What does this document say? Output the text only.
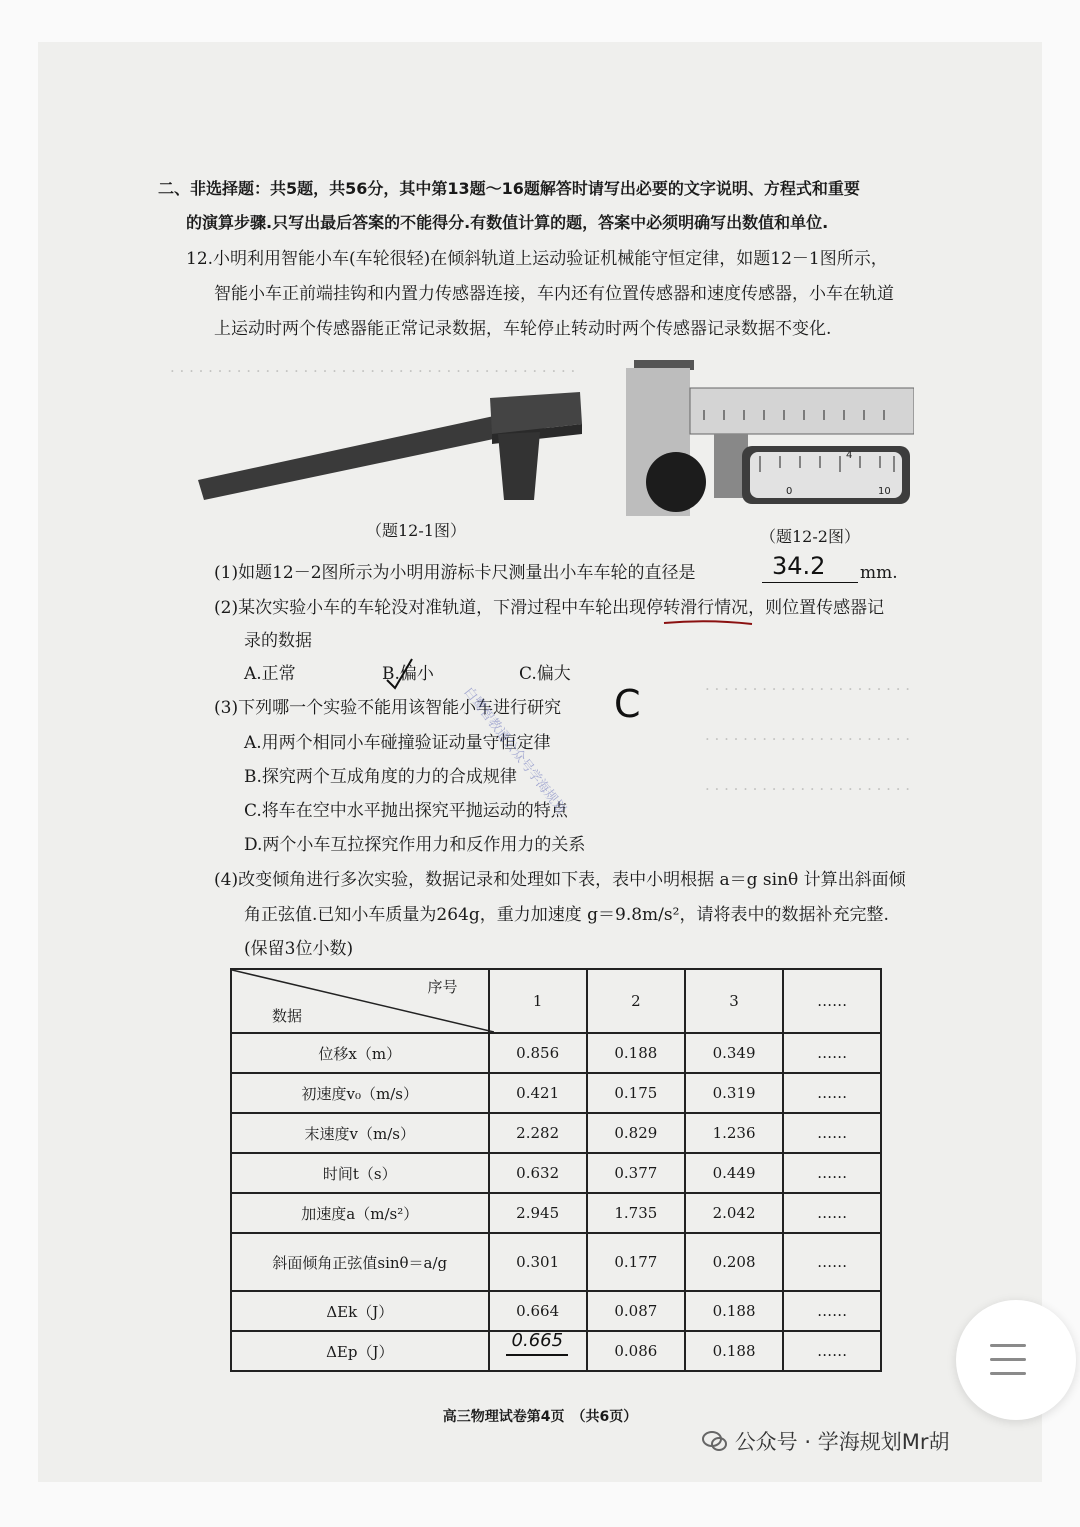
· · · · · · · · · · · · · · · · · · · · · · · · · · · · · · · · · · · · · · · · · · ·
· · · · · · · · · · · · · · · · · · · · · ·
· · · · · · · · · · · · · · · · · · · · · ·
· · · · · · · · · · · · · · · · · · · · · ·
二、非选择题：共5题，共56分，其中第13题～16题解答时请写出必要的文字说明、方程式和重要
的演算步骤.只写出最后答案的不能得分.有数值计算的题，答案中必须明确写出数值和单位.
12.小明利用智能小车(车轮很轻)在倾斜轨道上运动验证机械能守恒定律，如题12－1图所示，
智能小车正前端挂钩和内置力传感器连接，车内还有位置传感器和速度传感器，小车在轨道
上运动时两个传感器能正常记录数据，车轮停止转动时两个传感器记录数据不变化.
（题12-1图）
4
0	10
（题12-2图）
(1)如题12－2图所示为小明用游标卡尺测量出小车车轮的直径是	34.2 mm.
(2)某次实验小车的车轮没对准轨道，下滑过程中车轮出现停转滑行情况，则位置传感器记
录的数据
A.正常	B.偏小	C.偏大
(3)下列哪一个实验不能用该智能小车进行研究 C
A.用两个相同小车碰撞验证动量守恒定律
B.探究两个互成角度的力的合成规律
C.将车在空中水平抛出探究平抛运动的特点
D.两个小车互拉探究作用力和反作用力的关系
白鹭智教通公众号学海规划
(4)改变倾角进行多次实验，数据记录和处理如下表，表中小明根据 a＝g sinθ 计算出斜面倾
角正弦值.已知小车质量为264g，重力加速度 g＝9.8m/s²，请将表中的数据补充完整.
(保留3位小数)
序号
数据	1	2	3	……
位移x（m）	0.856	0.188	0.349	……
初速度v₀（m/s）	0.421	0.175	0.319	……
末速度v（m/s）	2.282	0.829	1.236	……
时间t（s）	0.632	0.377	0.449	……
加速度a（m/s²）	2.945	1.735	2.042	……
斜面倾角正弦值sinθ＝a/g	0.301	0.177	0.208	……
ΔEk（J）	0.664	0.087	0.188	……
ΔEp（J）	0.665	0.086	0.188	……
高三物理试卷第4页　（共6页）
公众号 · 学海规划Mr胡
